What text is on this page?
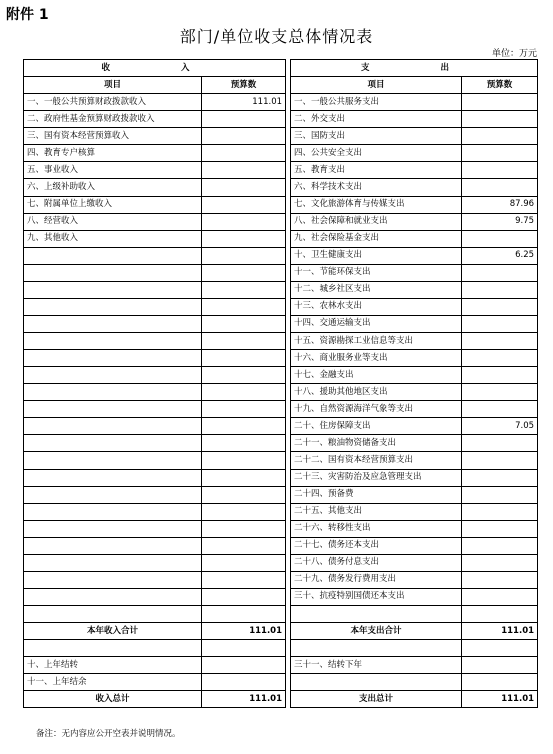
附件 1
部门/单位收支总体情况表
单位：万元
收　　入			支　　出	
项目	预算数		项目	预算数
一、一般公共预算财政拨款收入	111.01		一、一般公共服务支出	
二、政府性基金预算财政拨款收入			二、外交支出	
三、国有资本经营预算收入			三、国防支出	
四、教育专户核算			四、公共安全支出	
五、事业收入			五、教育支出	
六、上级补助收入			六、科学技术支出	
七、附属单位上缴收入			七、文化旅游体育与传媒支出	87.96
八、经营收入			八、社会保障和就业支出	9.75
九、其他收入			九、社会保险基金支出	
			十、卫生健康支出	6.25
			十一、节能环保支出	
			十二、城乡社区支出	
			十三、农林水支出	
			十四、交通运输支出	
			十五、资源勘探工业信息等支出	
			十六、商业服务业等支出	
			十七、金融支出	
			十八、援助其他地区支出	
			十九、自然资源海洋气象等支出	
			二十、住房保障支出	7.05
			二十一、粮油物资储备支出	
			二十二、国有资本经营预算支出	
			二十三、灾害防治及应急管理支出	
			二十四、预备费	
			二十五、其他支出	
			二十六、转移性支出	
			二十七、债务还本支出	
			二十八、债务付息支出	
			二十九、债务发行费用支出	
			三十、抗疫特别国债还本支出	

本年收入合计	111.01		本年支出合计	111.01

十、上年结转			三十一、结转下年	
十一、上年结余				
收入总计	111.01		支出总计	111.01
备注：无内容应公开空表并说明情况。
